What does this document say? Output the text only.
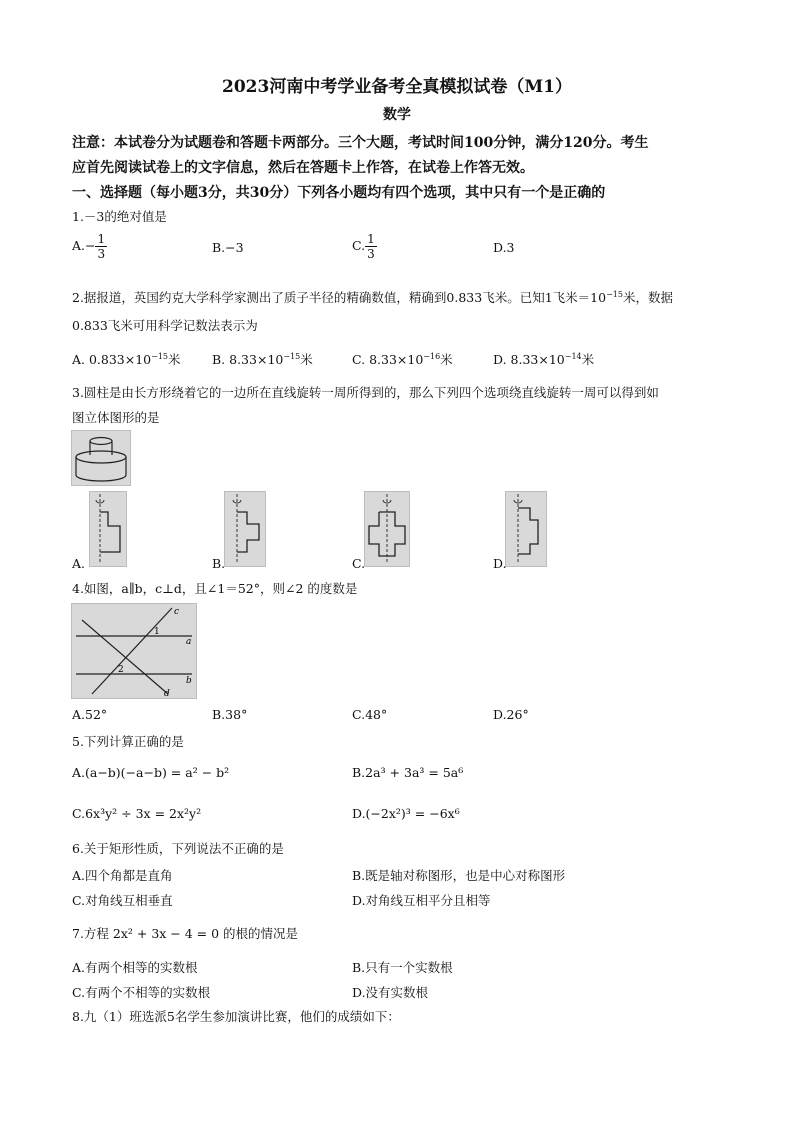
2023河南中考学业备考全真模拟试卷（M1）
数学
注意：本试卷分为试题卷和答题卡两部分。三个大题，考试时间100分钟，满分120分。考生
应首先阅读试卷上的文字信息，然后在答题卡上作答，在试卷上作答无效。
一、选择题（每小题3分，共30分）下列各小题均有四个选项，其中只有一个是正确的
1.－3的绝对值是
$A.- \frac{1}{3}$	B.−3	C. $\frac{1}{3}$	D.3
2.据报道，英国约克大学科学家测出了质子半径的精确数值，精确到0.833飞米。已知1飞米$=10^{-15}$米，数据
0.833飞米可用科学记数法表示为
A. $0.833\times 10^{-15}$米	B. $8.33\times 10^{-15}$米	C. $8.33\times 10^{-16}$米	D. $8.33\times 10^{-14}$米
3.圆柱是由长方形绕着它的一边所在直线旋转一周所得到的，那么下列四个选项绕直线旋转一周可以得到如
图立体图形的是
A.	B.	C.	D.
4.如图，a∥b，c⊥d，且∠1＝52°，则∠2 的度数是
c
a
b
d
1
2
A.52°	B.38°	C.48°	D.26°
5.下列计算正确的是
A.(a−b)(−a−b) = a² − b²	B.2a³ + 3a³ = 5a⁶
C.6x³y² ÷ 3x = 2x²y²	D.(−2x²)³ = −6x⁶
6.关于矩形性质，下列说法不正确的是
A.四个角都是直角	B.既是轴对称图形，也是中心对称图形
C.对角线互相垂直	D.对角线互相平分且相等
7.方程 2x² + 3x − 4 = 0 的根的情况是
A.有两个相等的实数根	B.只有一个实数根
C.有两个不相等的实数根	D.没有实数根
8.九（1）班选派5名学生参加演讲比赛，他们的成绩如下：
